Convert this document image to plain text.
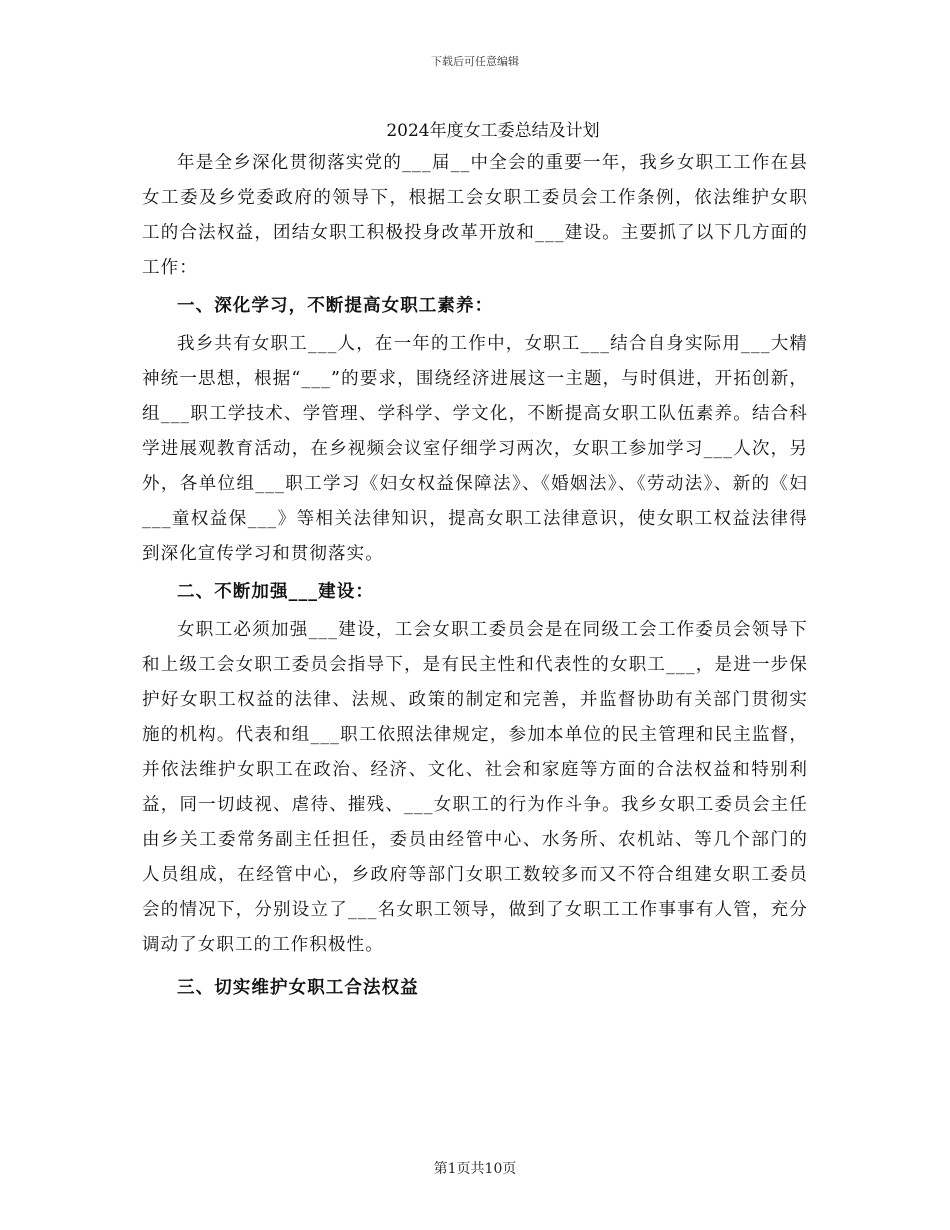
下载后可任意编辑
2024年度女工委总结及计划

年是全乡深化贯彻落实党的___届__中全会的重要一年，我乡女职工工作在县女工委及乡党委政府的领导下，根据工会女职工委员会工作条例，依法维护女职工的合法权益，团结女职工积极投身改革开放和___建设。主要抓了以下几方面的工作：

一、深化学习，不断提高女职工素养：

我乡共有女职工___人，在一年的工作中，女职工___结合自身实际用___大精神统一思想，根据“___”的要求，围绕经济进展这一主题，与时俱进，开拓创新，组___职工学技术、学管理、学科学、学文化，不断提高女职工队伍素养。结合科学进展观教育活动，在乡视频会议室仔细学习两次，女职工参加学习___人次，另外，各单位组___职工学习《妇女权益保障法》、《婚姻法》、《劳动法》、新的《妇___童权益保___》等相关法律知识，提高女职工法律意识，使女职工权益法律得到深化宣传学习和贯彻落实。

二、不断加强___建设：

女职工必须加强___建设，工会女职工委员会是在同级工会工作委员会领导下和上级工会女职工委员会指导下，是有民主性和代表性的女职工___，是进一步保护好女职工权益的法律、法规、政策的制定和完善，并监督协助有关部门贯彻实施的机构。代表和组___职工依照法律规定，参加本单位的民主管理和民主监督，并依法维护女职工在政治、经济、文化、社会和家庭等方面的合法权益和特别利益，同一切歧视、虐待、摧残、___女职工的行为作斗争。我乡女职工委员会主任由乡关工委常务副主任担任，委员由经管中心、水务所、农机站、等几个部门的人员组成，在经管中心，乡政府等部门女职工数较多而又不符合组建女职工委员会的情况下，分别设立了___名女职工领导，做到了女职工工作事事有人管，充分调动了女职工的工作积极性。

三、切实维护女职工合法权益
第1页共10页
